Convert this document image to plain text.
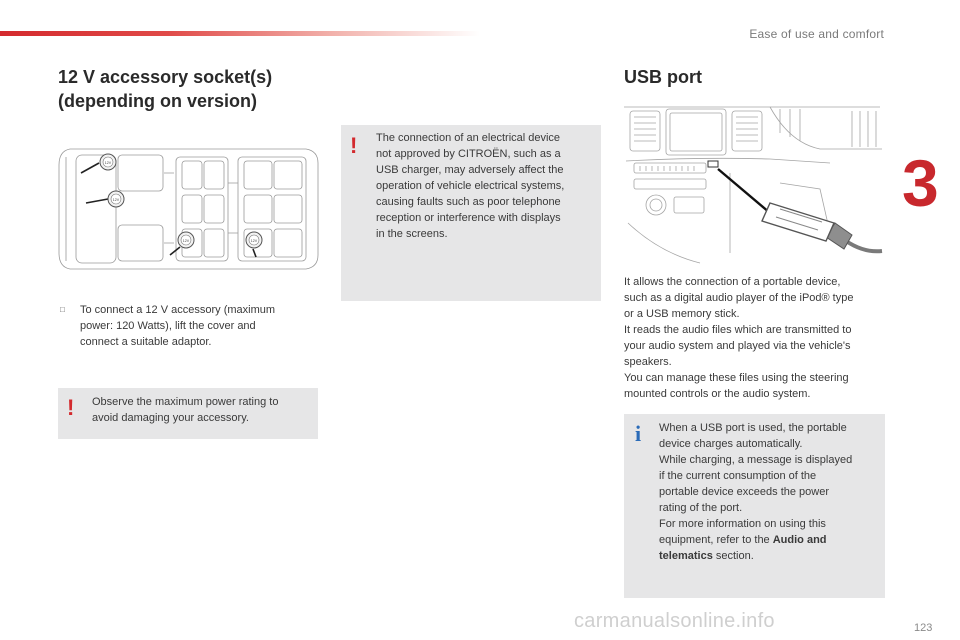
Ease of use and comfort
3
12 V accessory socket(s)
(depending on version)
12V
12V
12V	12V
□ To connect a 12 V accessory (maximum
power: 120 Watts), lift the cover and
connect a suitable adaptor.
! Observe the maximum power rating to
avoid damaging your accessory.
! The connection of an electrical device
not approved by CITROËN, such as a
USB charger, may adversely affect the
operation of vehicle electrical systems,
causing faults such as poor telephone
reception or interference with displays
in the screens.
USB port
It allows the connection of a portable device,
such as a digital audio player of the iPod® type
or a USB memory stick.
It reads the audio files which are transmitted to
your audio system and played via the vehicle's
speakers.
You can manage these files using the steering
mounted controls or the audio system.
i When a USB port is used, the portable
device charges automatically.
While charging, a message is displayed
if the current consumption of the
portable device exceeds the power
rating of the port.
For more information on using this
equipment, refer to the Audio and
telematics section.
carmanualsonline.info	123
